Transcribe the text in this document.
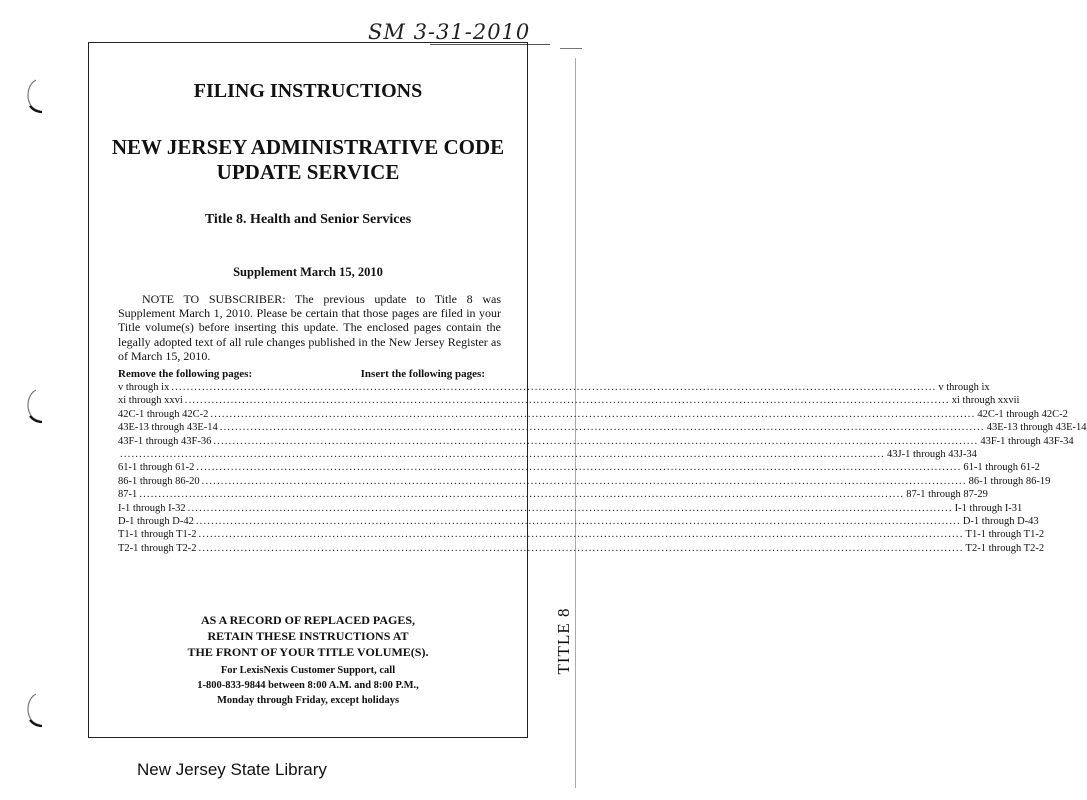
SM 3-31-2010
TITLE 8
FILING INSTRUCTIONS
NEW JERSEY ADMINISTRATIVE CODE
UPDATE SERVICE
Title 8. Health and Senior Services
Supplement March 15, 2010

NOTE TO SUBSCRIBER: The previous update to Title 8 was Supplement March 1, 2010. Please be certain that those pages are filed in your Title volume(s) before inserting this update. The enclosed pages contain the legally adopted text of all rule changes published in the New Jersey Register as of March 15, 2010.

Remove the following pages:	Insert the following pages:
v through ix ........................................................................................................................................................................................................ v through ix
xi through xxvi ........................................................................................................................................................................................................ xi through xxvii
42C-1 through 42C-2 ........................................................................................................................................................................................................ 42C-1 through 42C-2
43E-13 through 43E-14 ........................................................................................................................................................................................................ 43E-13 through 43E-14
43F-1 through 43F-36 ........................................................................................................................................................................................................ 43F-1 through 43F-34
........................................................................................................................................................................................................ 43J-1 through 43J-34
61-1 through 61-2 ........................................................................................................................................................................................................ 61-1 through 61-2
86-1 through 86-20 ........................................................................................................................................................................................................ 86-1 through 86-19
87-1 ........................................................................................................................................................................................................ 87-1 through 87-29
I-1 through I-32 ........................................................................................................................................................................................................ I-1 through I-31
D-1 through D-42 ........................................................................................................................................................................................................ D-1 through D-43
T1-1 through T1-2 ........................................................................................................................................................................................................ T1-1 through T1-2
T2-1 through T2-2 ........................................................................................................................................................................................................ T2-1 through T2-2
AS A RECORD OF REPLACED PAGES,
RETAIN THESE INSTRUCTIONS AT
THE FRONT OF YOUR TITLE VOLUME(S).
For LexisNexis Customer Support, call
1-800-833-9844 between 8:00 A.M. and 8:00 P.M.,
Monday through Friday, except holidays
New Jersey State Library
